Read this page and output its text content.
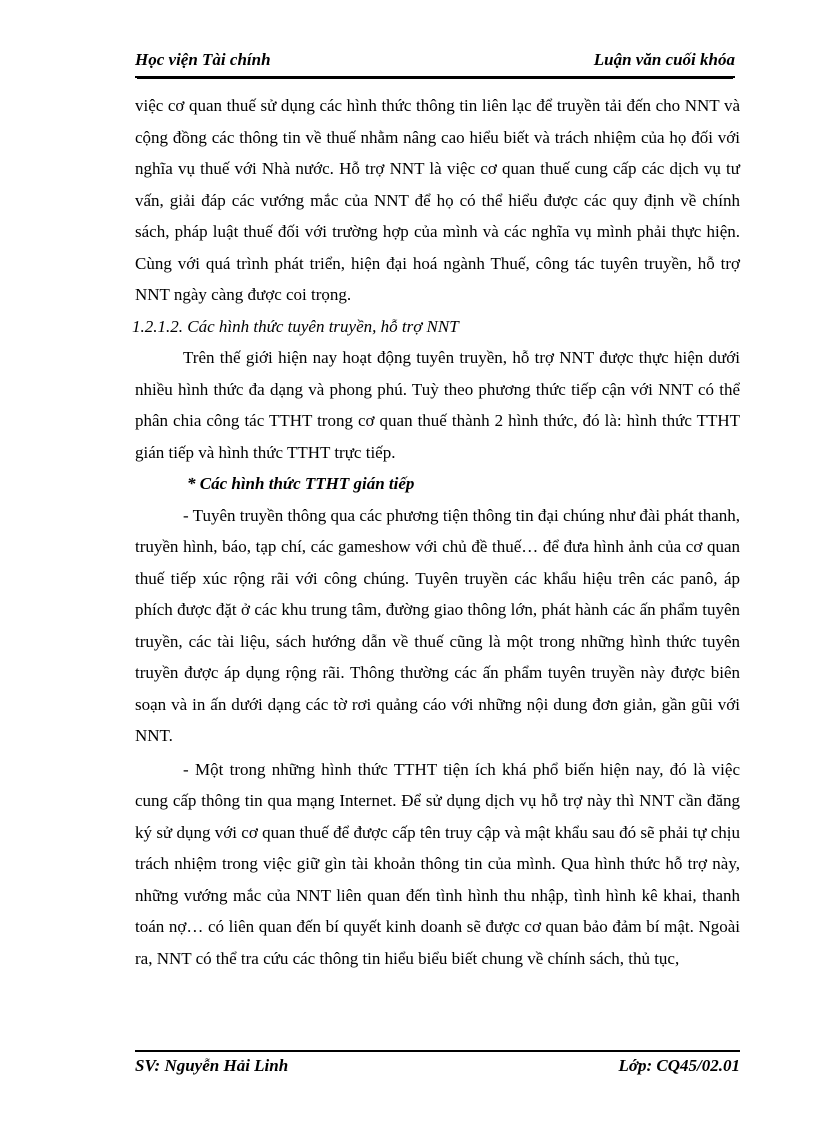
Học viện Tài chính	Luận văn cuối khóa

việc cơ quan thuế sử dụng các hình thức thông tin liên lạc để truyền tải đến cho NNT và cộng đồng các thông tin về thuế nhằm nâng cao hiểu biết và trách nhiệm của họ đối với nghĩa vụ thuế với Nhà nước. Hỗ trợ NNT là việc cơ quan thuế cung cấp các dịch vụ tư vấn, giải đáp các vướng mắc của NNT để họ có thể hiểu được các quy định về chính sách, pháp luật thuế đối với trường hợp của mình và các nghĩa vụ mình phải thực hiện. Cùng với quá trình phát triển, hiện đại hoá ngành Thuế, công tác tuyên truyền, hỗ trợ NNT ngày càng được coi trọng.

1.2.1.2. Các hình thức tuyên truyền, hỗ trợ NNT

Trên thế giới hiện nay hoạt động tuyên truyền, hỗ trợ NNT được thực hiện dưới nhiều hình thức đa dạng và phong phú. Tuỳ theo phương thức tiếp cận với NNT có thể phân chia công tác TTHT trong cơ quan thuế thành 2 hình thức, đó là: hình thức TTHT gián tiếp và hình thức TTHT trực tiếp.

* Các hình thức TTHT gián tiếp

- Tuyên truyền thông qua các phương tiện thông tin đại chúng như đài phát thanh, truyền hình, báo, tạp chí, các gameshow với chủ đề thuế… để đưa hình ảnh của cơ quan thuế tiếp xúc rộng rãi với công chúng. Tuyên truyền các khẩu hiệu trên các panô, áp phích được đặt ở các khu trung tâm, đường giao thông lớn, phát hành các ấn phẩm tuyên truyền, các tài liệu, sách hướng dẫn về thuế cũng là một trong những hình thức tuyên truyền được áp dụng rộng rãi. Thông thường các ấn phẩm tuyên truyền này được biên soạn và in ấn dưới dạng các tờ rơi quảng cáo với những nội dung đơn giản, gần gũi với NNT.

- Một trong những hình thức TTHT tiện ích khá phổ biến hiện nay, đó là việc cung cấp thông tin qua mạng Internet. Để sử dụng dịch vụ hỗ trợ này thì NNT cần đăng ký sử dụng với cơ quan thuế để được cấp tên truy cập và mật khẩu sau đó sẽ phải tự chịu trách nhiệm trong việc giữ gìn tài khoản thông tin của mình. Qua hình thức hỗ trợ này, những vướng mắc của NNT liên quan đến tình hình thu nhập, tình hình kê khai, thanh toán nợ… có liên quan đến bí quyết kinh doanh sẽ được cơ quan bảo đảm bí mật. Ngoài ra, NNT có thể tra cứu các thông tin hiểu biểu biết chung về chính sách, thủ tục,

SV: Nguyễn Hải Linh	Lớp: CQ45/02.01
